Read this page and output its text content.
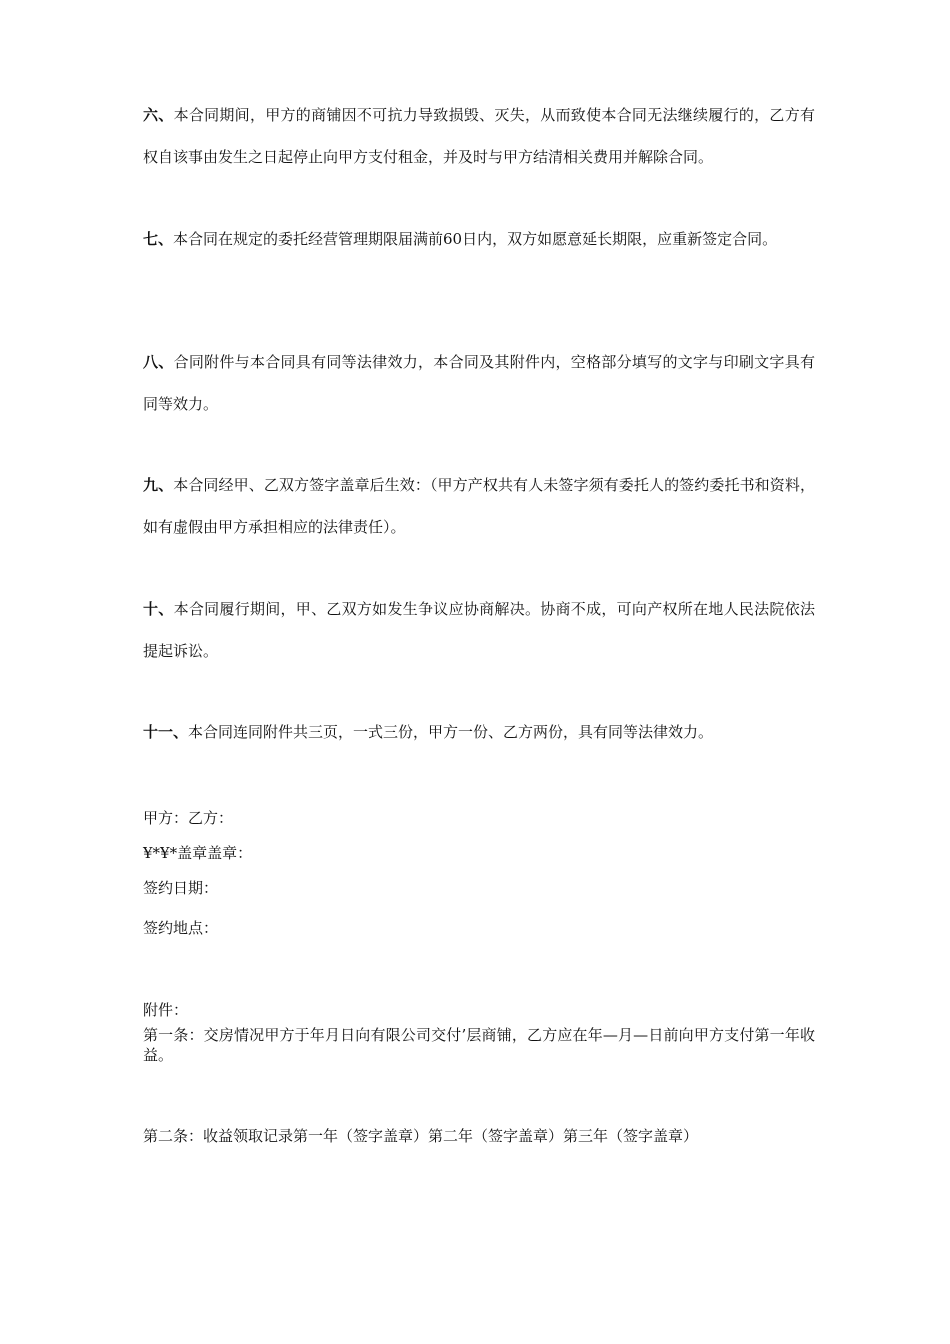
六、本合同期间，甲方的商铺因不可抗力导致损毁、灭失，从而致使本合同无法继续履行的，乙方有权自该事由发生之日起停止向甲方支付租金，并及时与甲方结清相关费用并解除合同。

七、本合同在规定的委托经营管理期限届满前60日内，双方如愿意延长期限，应重新签定合同。

八、合同附件与本合同具有同等法律效力，本合同及其附件内，空格部分填写的文字与印刷文字具有同等效力。

九、本合同经甲、乙双方签字盖章后生效：（甲方产权共有人未签字须有委托人的签约委托书和资料，如有虚假由甲方承担相应的法律责任）。

十、本合同履行期间，甲、乙双方如发生争议应协商解决。协商不成，可向产权所在地人民法院依法提起诉讼。

十一、本合同连同附件共三页，一式三份，甲方一份、乙方两份，具有同等法律效力。

甲方：乙方：
¥*¥*盖章盖章：
签约日期：
签约地点：
附件：
第一条：交房情况甲方于年月日向有限公司交付’层商铺，乙方应在年—月—日前向甲方支付第一年收益。
第二条：收益领取记录第一年（签字盖章）第二年（签字盖章）第三年（签字盖章）
